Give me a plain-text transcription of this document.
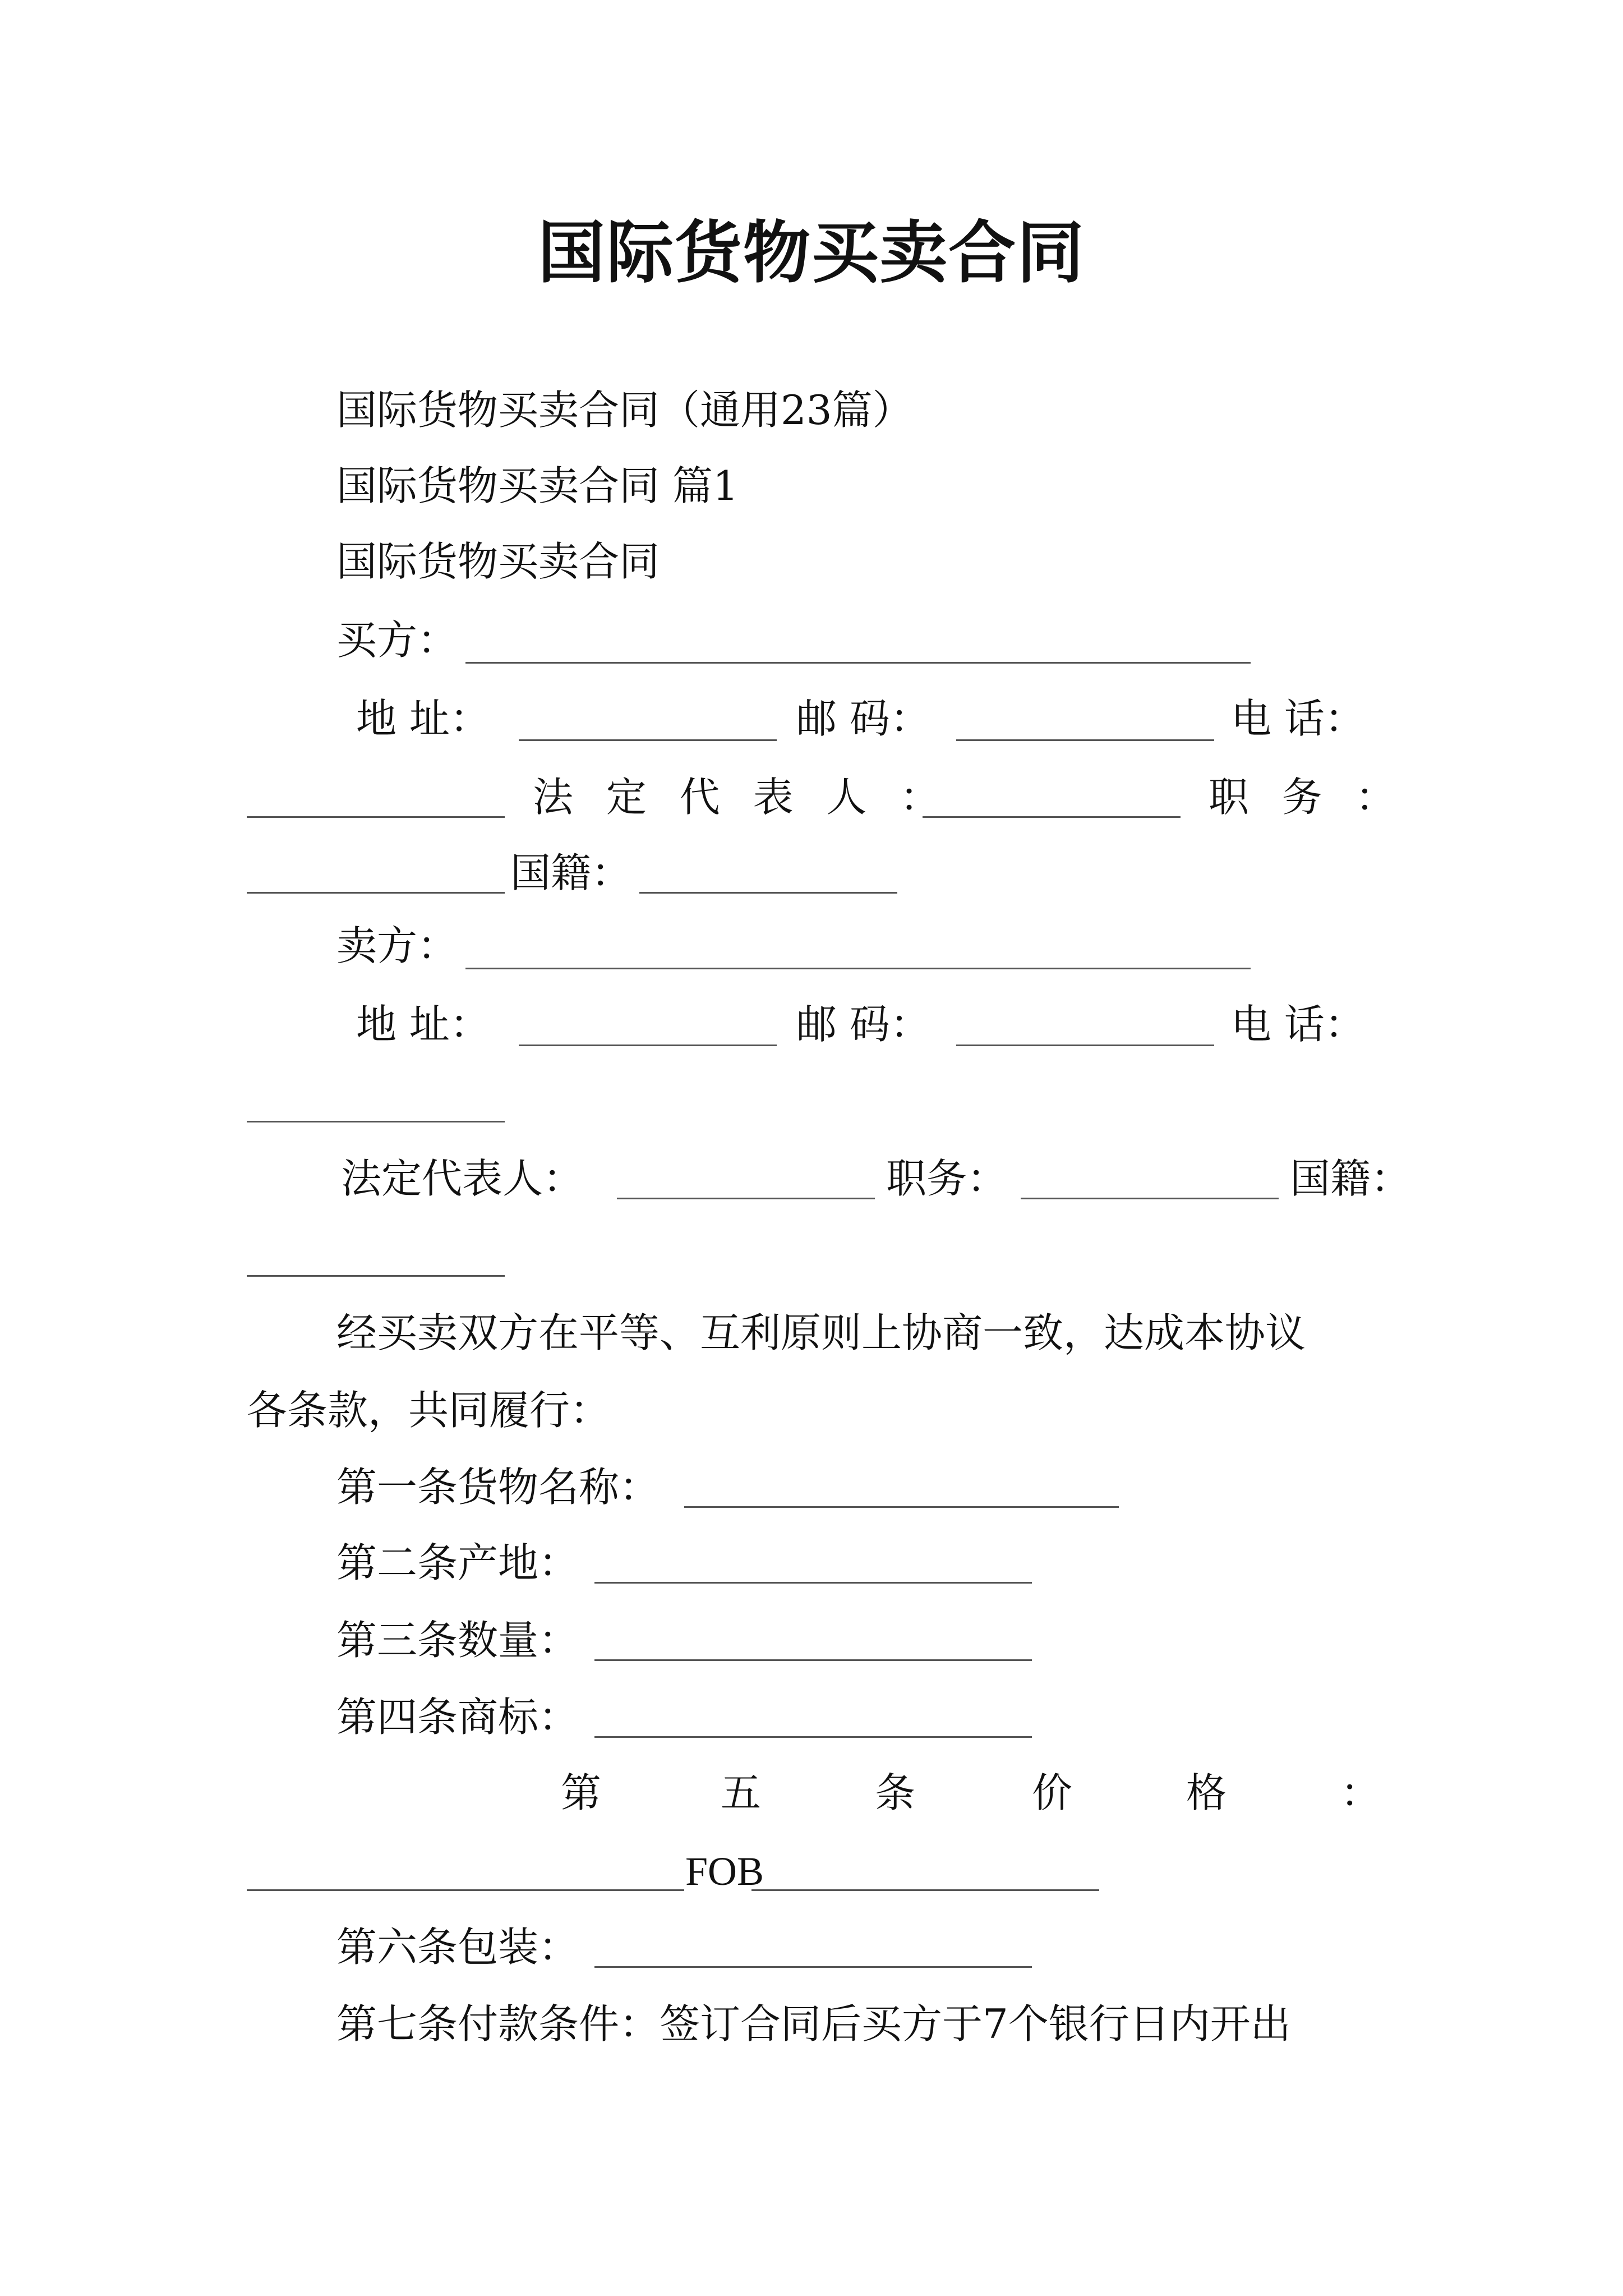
国际货物买卖合同
国际货物买卖合同（通用23篇）
国际货物买卖合同 篇1
国际货物买卖合同
买方：
地 址：	邮 码：	电 话：
法 定 代 表 人 ：	职 务 ：
国籍：
卖方：
地 址：	邮 码：	电 话：
法定代表人：	职务：	国籍：
经买卖双方在平等、互利原则上协商一致，达成本协议
各条款，共同履行：
第一条货物名称：
第二条产地：
第三条数量：
第四条商标：
第	五	条	价	格	：
FOB
第六条包装：
第七条付款条件：签订合同后买方于7个银行日内开出
